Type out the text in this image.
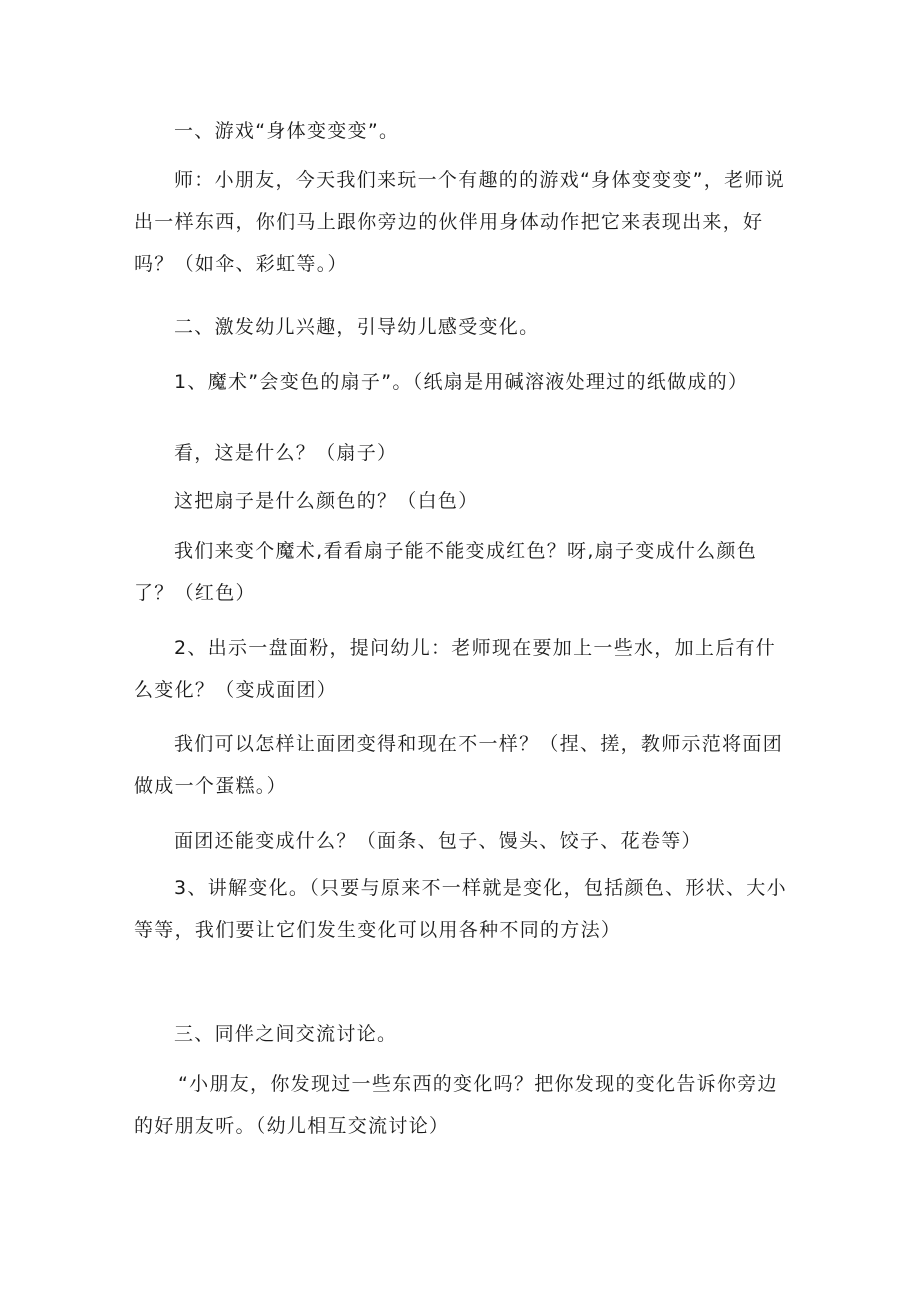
一、游戏“身体变变变”。

师：小朋友，今天我们来玩一个有趣的的游戏“身体变变变”，老师说出一样东西，你们马上跟你旁边的伙伴用身体动作把它来表现出来，好吗？（如伞、彩虹等。）

二、激发幼儿兴趣，引导幼儿感受变化。

1、魔术”会变色的扇子”。（纸扇是用碱溶液处理过的纸做成的）

看，这是什么？（扇子）

这把扇子是什么颜色的？（白色）

我们来变个魔术,看看扇子能不能变成红色？呀,扇子变成什么颜色了？（红色）

2、出示一盘面粉，提问幼儿：老师现在要加上一些水，加上后有什么变化？（变成面团）

我们可以怎样让面团变得和现在不一样？（捏、搓，教师示范将面团做成一个蛋糕。）

面团还能变成什么？（面条、包子、馒头、饺子、花卷等）

3、讲解变化。（只要与原来不一样就是变化，包括颜色、形状、大小等等，我们要让它们发生变化可以用各种不同的方法）

三、同伴之间交流讨论。

“小朋友，你发现过一些东西的变化吗？把你发现的变化告诉你旁边的好朋友听。（幼儿相互交流讨论）
